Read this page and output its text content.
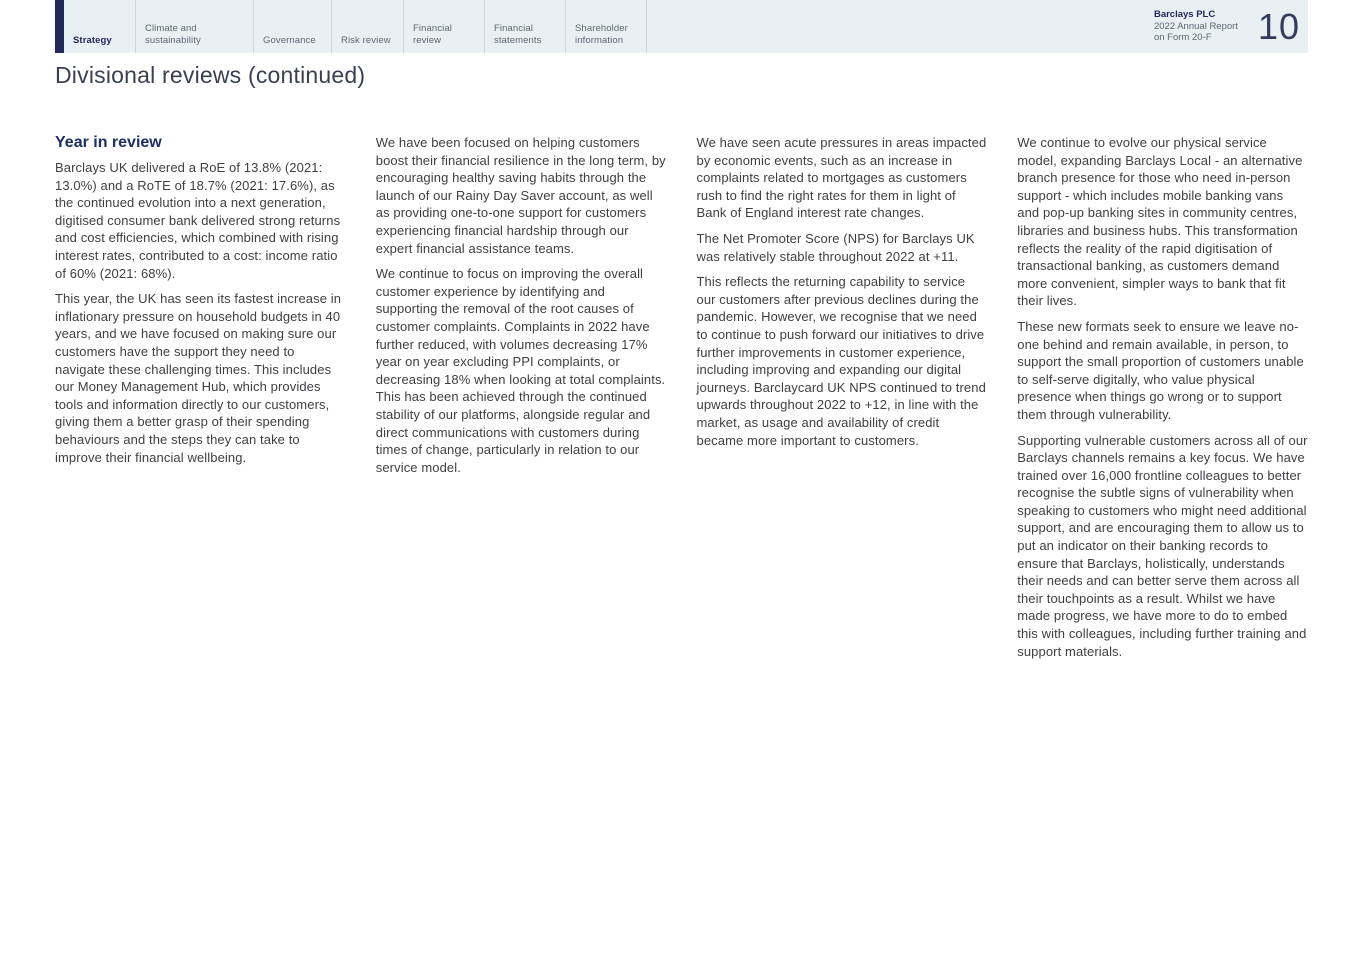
Strategy
Climate and sustainability	Governance	Risk review
Financial review
Financial statements
Shareholder information
Barclays PLC
2022 Annual Report
on Form 20-F	10
Divisional reviews (continued)
Year in review

Barclays UK delivered a RoE of 13.8% (2021: 13.0%) and a RoTE of 18.7% (2021: 17.6%), as the continued evolution into a next generation, digitised consumer bank delivered strong returns and cost efficiencies, which combined with rising interest rates, contributed to a cost: income ratio of 60% (2021: 68%).

This year, the UK has seen its fastest increase in inflationary pressure on household budgets in 40 years, and we have focused on making sure our customers have the support they need to navigate these challenging times. This includes our Money Management Hub, which provides tools and information directly to our customers, giving them a better grasp of their spending behaviours and the steps they can take to improve their financial wellbeing.

We have been focused on helping customers boost their financial resilience in the long term, by encouraging healthy saving habits through the launch of our Rainy Day Saver account, as well as providing one-to-one support for customers experiencing financial hardship through our expert financial assistance teams.

We continue to focus on improving the overall customer experience by identifying and supporting the removal of the root causes of customer complaints. Complaints in 2022 have further reduced, with volumes decreasing 17% year on year excluding PPI complaints, or decreasing 18% when looking at total complaints. This has been achieved through the continued stability of our platforms, alongside regular and direct communications with customers during times of change, particularly in relation to our service model.

We have seen acute pressures in areas impacted by economic events, such as an increase in complaints related to mortgages as customers rush to find the right rates for them in light of Bank of England interest rate changes.

The Net Promoter Score (NPS) for Barclays UK was relatively stable throughout 2022 at +11.

This reflects the returning capability to service our customers after previous declines during the pandemic. However, we recognise that we need to continue to push forward our initiatives to drive further improvements in customer experience, including improving and expanding our digital journeys. Barclaycard UK NPS continued to trend upwards throughout 2022 to +12, in line with the market, as usage and availability of credit became more important to customers.

We continue to evolve our physical service model, expanding Barclays Local - an alternative branch presence for those who need in-person support - which includes mobile banking vans and pop-up banking sites in community centres, libraries and business hubs. This transformation reflects the reality of the rapid digitisation of transactional banking, as customers demand more convenient, simpler ways to bank that fit their lives.

These new formats seek to ensure we leave no-one behind and remain available, in person, to support the small proportion of customers unable to self-serve digitally, who value physical presence when things go wrong or to support them through vulnerability.

Supporting vulnerable customers across all of our Barclays channels remains a key focus. We have trained over 16,000 frontline colleagues to better recognise the subtle signs of vulnerability when speaking to customers who might need additional support, and are encouraging them to allow us to put an indicator on their banking records to ensure that Barclays, holistically, understands their needs and can better serve them across all their touchpoints as a result. Whilst we have made progress, we have more to do to embed this with colleagues, including further training and support materials.
